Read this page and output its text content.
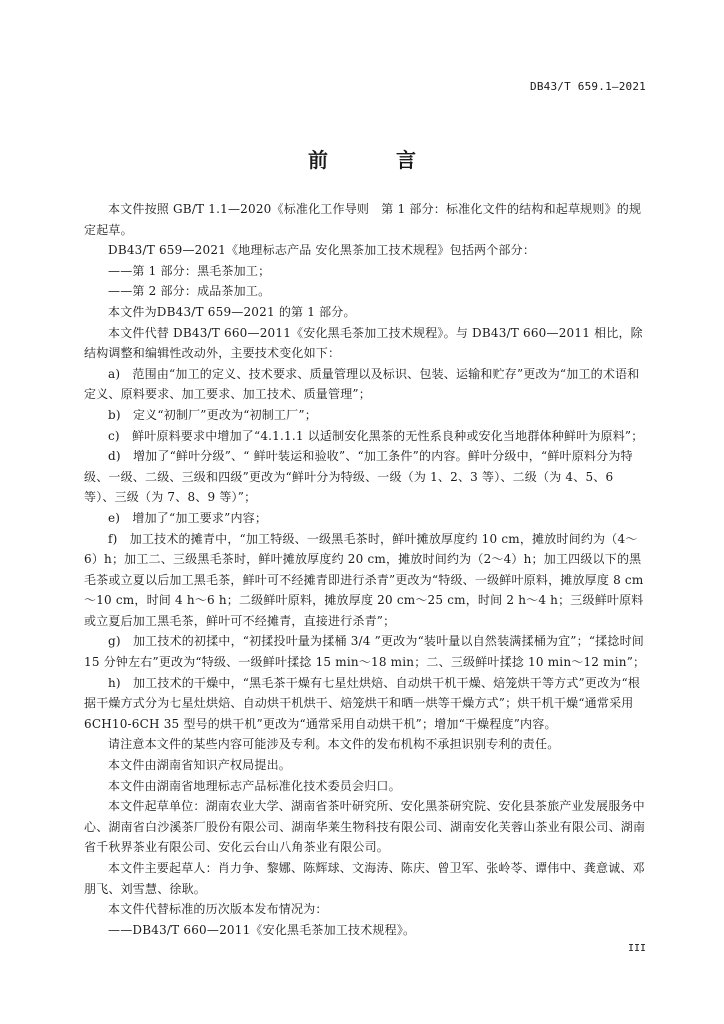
DB43/T 659.1—2021
前　言

本文件按照 GB/T 1.1—2020《标准化工作导则　第 1 部分：标准化文件的结构和起草规则》的规定起草。

DB43/T 659—2021《地理标志产品 安化黑茶加工技术规程》包括两个部分：

——第 1 部分：黑毛茶加工；

——第 2 部分：成品茶加工。

本文件为DB43/T 659—2021 的第 1 部分。

本文件代替 DB43/T 660—2011《安化黑毛茶加工技术规程》。与 DB43/T 660—2011 相比，除结构调整和编辑性改动外，主要技术变化如下：

a)　范围由“加工的定义、技术要求、质量管理以及标识、包装、运输和贮存”更改为“加工的术语和定义、原料要求、加工要求、加工技术、质量管理”；

b)　定义“初制厂”更改为“初制工厂”；

c)　鲜叶原料要求中增加了“4.1.1.1 以适制安化黑茶的无性系良种或安化当地群体种鲜叶为原料”；

d)　增加了“鲜叶分级”、“ 鲜叶装运和验收”、“加工条件”的内容。鲜叶分级中，“鲜叶原料分为特级、一级、二级、三级和四级”更改为“鲜叶分为特级、一级（为 1、2、3 等）、二级（为 4、5、6 等）、三级（为 7、8、9 等）”；

e)　增加了“加工要求”内容；

f)　加工技术的摊青中，“加工特级、一级黑毛茶时，鲜叶摊放厚度约 10 cm，摊放时间约为（4～6）h；加工二、三级黑毛茶时，鲜叶摊放厚度约 20 cm，摊放时间约为（2～4）h；加工四级以下的黑毛茶或立夏以后加工黑毛茶，鲜叶可不经摊青即进行杀青”更改为“特级、一级鲜叶原料，摊放厚度 8 cm～10 cm，时间 4 h～6 h；二级鲜叶原料，摊放厚度 20 cm～25 cm，时间 2 h～4 h；三级鲜叶原料或立夏后加工黑毛茶，鲜叶可不经摊青，直接进行杀青”；

g)　加工技术的初揉中，“初揉投叶量为揉桶 3/4 ”更改为“装叶量以自然装满揉桶为宜”；“揉捻时间 15 分钟左右”更改为“特级、一级鲜叶揉捻 15 min～18 min；二、三级鲜叶揉捻 10 min～12 min”；

h)　加工技术的干燥中，“黑毛茶干燥有七星灶烘焙、自动烘干机干燥、焙笼烘干等方式”更改为“根据干燥方式分为七星灶烘焙、自动烘干机烘干、焙笼烘干和晒一烘等干燥方式”；烘干机干燥“通常采用 6CH10-6CH 35 型号的烘干机”更改为“通常采用自动烘干机”；增加“干燥程度”内容。

请注意本文件的某些内容可能涉及专利。本文件的发布机构不承担识别专利的责任。

本文件由湖南省知识产权局提出。

本文件由湖南省地理标志产品标准化技术委员会归口。

本文件起草单位：湖南农业大学、湖南省茶叶研究所、安化黑茶研究院、安化县茶旅产业发展服务中心、湖南省白沙溪茶厂股份有限公司、湖南华莱生物科技有限公司、湖南安化芙蓉山茶业有限公司、湖南省千秋界茶业有限公司、安化云台山八角茶业有限公司。

本文件主要起草人：肖力争、黎娜、陈辉球、文海涛、陈庆、曾卫军、张岭苓、谭伟中、龚意诚、邓朋飞、刘雪慧、徐耿。

本文件代替标准的历次版本发布情况为：

——DB43/T 660—2011《安化黑毛茶加工技术规程》。

III
